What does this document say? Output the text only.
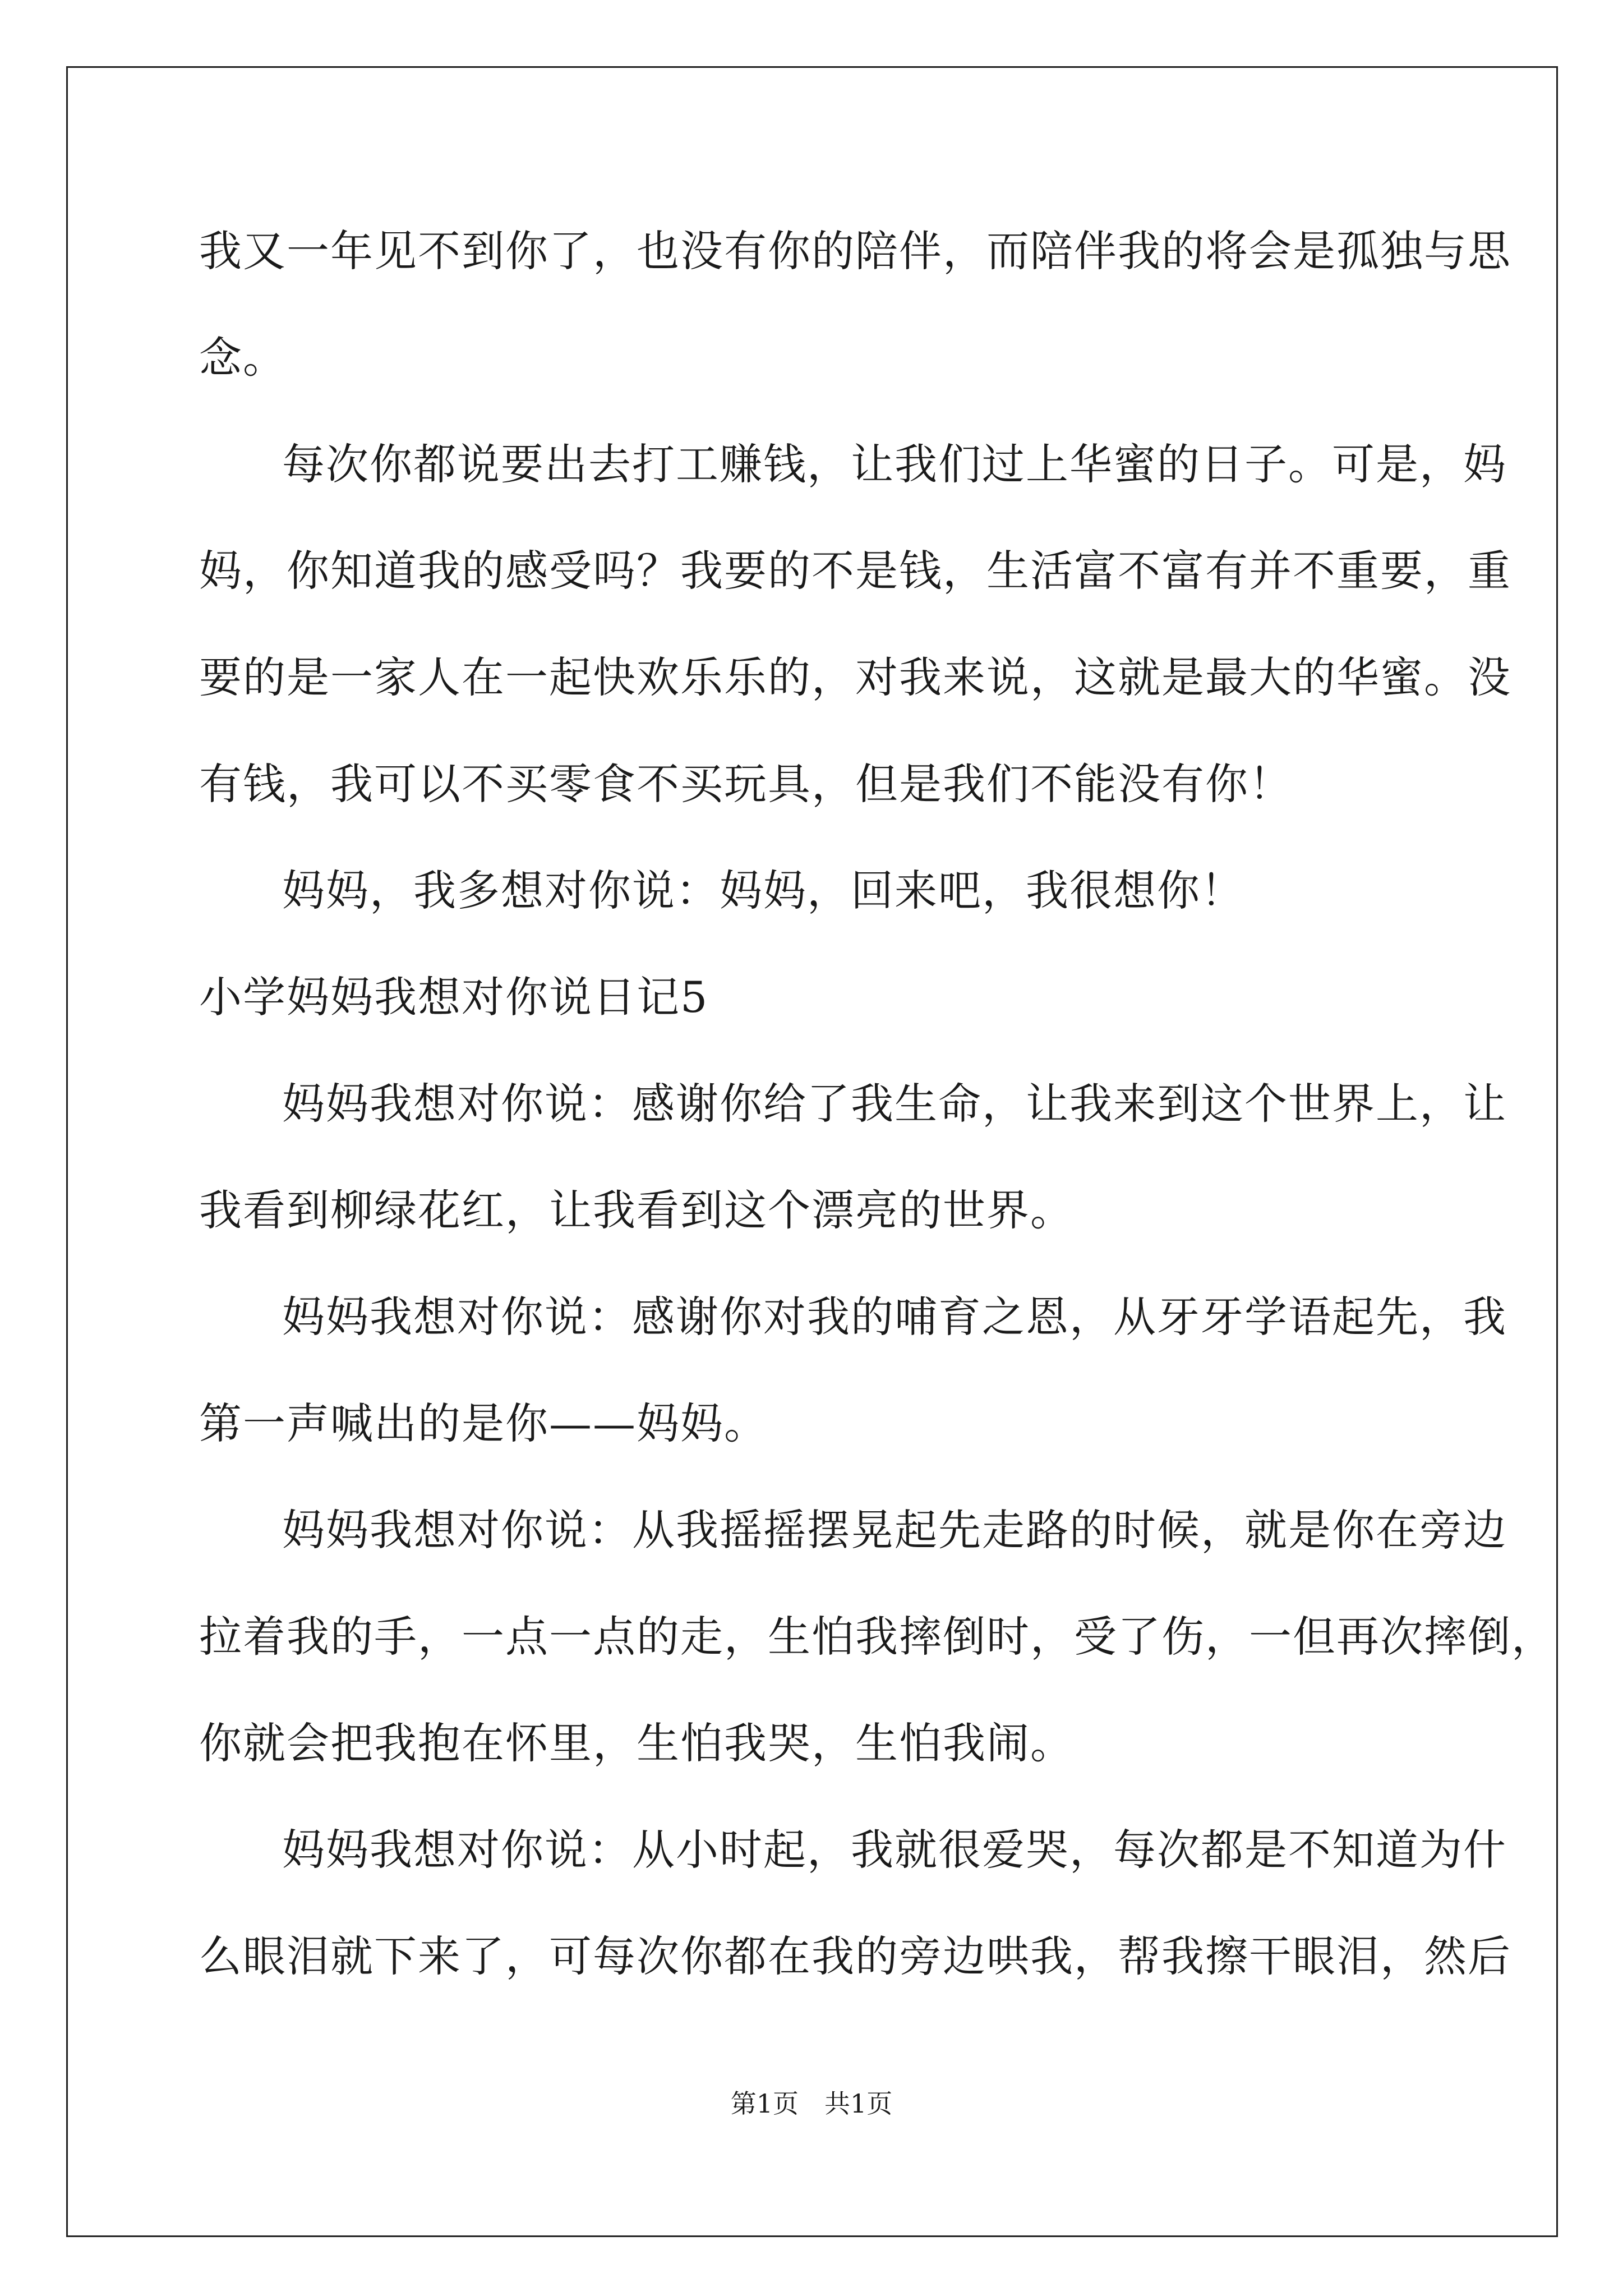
我又一年见不到你了，也没有你的陪伴，而陪伴我的将会是孤独与思
念。
每次你都说要出去打工赚钱，让我们过上华蜜的日子。可是，妈
妈，你知道我的感受吗？我要的不是钱，生活富不富有并不重要，重
要的是一家人在一起快欢乐乐的，对我来说，这就是最大的华蜜。没
有钱，我可以不买零食不买玩具，但是我们不能没有你！
妈妈，我多想对你说：妈妈，回来吧，我很想你！
小学妈妈我想对你说日记5
妈妈我想对你说：感谢你给了我生命，让我来到这个世界上，让
我看到柳绿花红，让我看到这个漂亮的世界。
妈妈我想对你说：感谢你对我的哺育之恩，从牙牙学语起先，我
第一声喊出的是你——妈妈。
妈妈我想对你说：从我摇摇摆晃起先走路的时候，就是你在旁边
拉着我的手，一点一点的走，生怕我摔倒时，受了伤，一但再次摔倒，
你就会把我抱在怀里，生怕我哭，生怕我闹。
妈妈我想对你说：从小时起，我就很爱哭，每次都是不知道为什
么眼泪就下来了，可每次你都在我的旁边哄我，帮我擦干眼泪，然后
第1页　共1页
